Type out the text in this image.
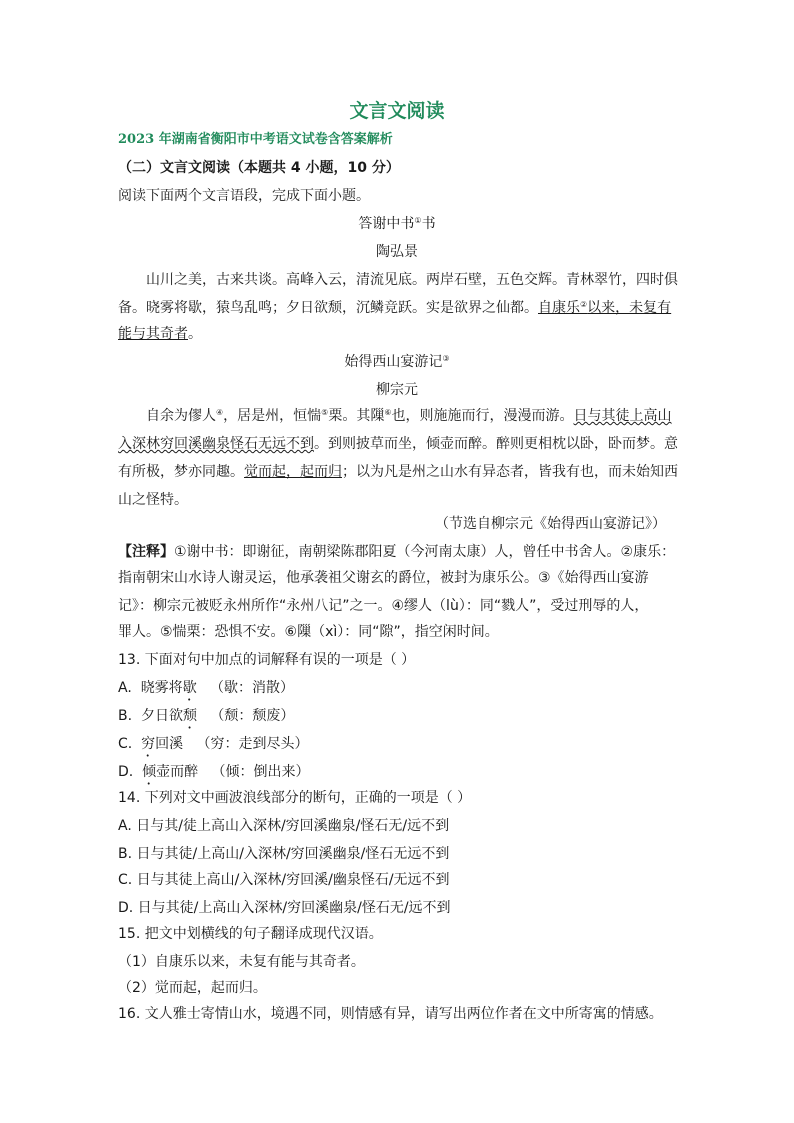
文言文阅读
2023 年湖南省衡阳市中考语文试卷含答案解析
（二）文言文阅读（本题共 4 小题，10 分）
阅读下面两个文言语段，完成下面小题。
答谢中书①书
陶弘景
山川之美，古来共谈。高峰入云，清流见底。两岸石壁，五色交辉。青林翠竹，四时俱
备。晓雾将歇，猿鸟乱鸣；夕日欲颓，沉鳞竞跃。实是欲界之仙都。自康乐②以来，未复有
能与其奇者。
始得西山宴游记③
柳宗元
自余为僇人④，居是州，恒惴⑤栗。其隟⑥也，则施施而行，漫漫而游。日与其徒上高山
入深林穷回溪幽泉怪石无远不到。到则披草而坐，倾壶而醉。醉则更相枕以卧，卧而梦。意
有所极，梦亦同趣。觉而起，起而归；以为凡是州之山水有异态者，皆我有也，而未始知西
山之怪特。
（节选自柳宗元《始得西山宴游记》）
【注释】①谢中书：即谢征，南朝梁陈郡阳夏（今河南太康）人，曾任中书舍人。②康乐：
指南朝宋山水诗人谢灵运，他承袭祖父谢玄的爵位，被封为康乐公。③《始得西山宴游
记》：柳宗元被贬永州所作“永州八记”之一。④缪人（lù）：同“戮人”，受过刑辱的人，
罪人。⑤惴栗：恐惧不安。⑥隟（xì）：同“隙”，指空闲时间。
13. 下面对句中加点的词解释有误的一项是（ ）
A. 晓雾将歇 （歇：消散）
B. 夕日欲颓 （颓：颓废）
C. 穷回溪 （穷：走到尽头）
D. 倾壶而醉 （倾：倒出来）
14. 下列对文中画波浪线部分的断句，正确的一项是（ ）
A. 日与其/徒上高山入深林/穷回溪幽泉/怪石无/远不到
B. 日与其徒/上高山/入深林/穷回溪幽泉/怪石无远不到
C. 日与其徒上高山/入深林/穷回溪/幽泉怪石/无远不到
D. 日与其徒/上高山入深林/穷回溪幽泉/怪石无/远不到
15. 把文中划横线的句子翻译成现代汉语。
（1）自康乐以来，未复有能与其奇者。
（2）觉而起，起而归。
16. 文人雅士寄情山水，境遇不同，则情感有异，请写出两位作者在文中所寄寓的情感。
